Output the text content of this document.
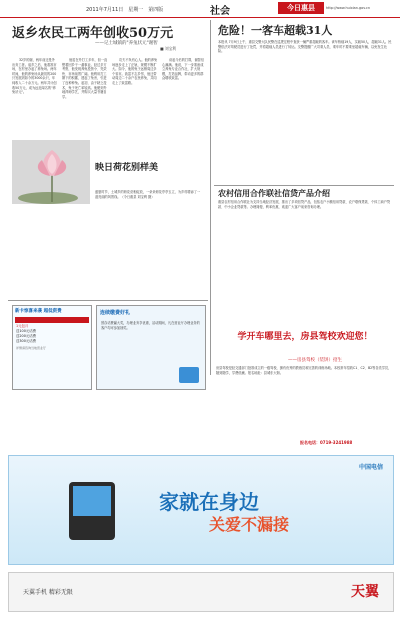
2011年7月11日　星期一　第四版	社会	今日惠县	http://www.huixian.gov.cn
返乡农民工两年创收50万元
——记土城镇的"养兔状元"谢智
■ 刘宝利

32岁的谢，两年前还是外出务工者。返乡之后，他看准市场，在村里办起了养兔场。两年时间，他的养兔场从最初的200只发展到如今的3000余只，年纯收入二十余万元。两年共计创收50万元，成为远近闻名的"养兔状元"。

他虽在外打工多年，但一直想着回乡干一番事业。经过多方考察，他发现养兔投资小、见效快、市场前景广阔。他利用打工攒下的积蓄，建起了兔舍，引进了良种种兔。起初，由于缺乏技术，兔子死亡率较高。他便到外地拜师学艺，并购买大量书籍自学。

功夫不负有心人。他的养兔场逐步走上了正轨，规模不断扩大。如今，他的兔子远销周边多个省市。致富不忘乡邻，他还带动周边二十余户农民养兔，共同走上了致富路。

谈起今后的打算，谢智信心满满。他说，下一步准备成立养兔专业合作社，扩大规模，打造品牌，带动更多的群众增收致富。

映日荷花别样美
盛夏时节，土城乡的荷花竞相绽放，一朵朵荷花亭亭玉立，为乡村增添了一道亮丽的风景线。（今日惠县 刘宝利 摄）
危险！一客车超载31人
本报讯 7月9日上午，惠县交警大队民警在巡逻过程中查获一辆严重超载的客车。该车核载19人，实载50人，超载31人。民警依法对驾驶员进行了处罚，并将超载人员进行了转运。交警提醒广大司乘人员，乘车时不要乘坐超载车辆，以免发生危险。
农村信用合作联社信贷产品介绍
惠县农村信用合作联社为支持当地经济发展，推出了多项信贷产品，包括农户小额信用贷款、农户联保贷款、个体工商户贷款、中小企业贷款等。办理简便，利率优惠，欢迎广大客户前来咨询办理。
新卡惊喜来袭 超低资费
1元包月
送100元话费
送200元话费
送300元话费
详情请咨询当地营业厅
连续缴费好礼
预存话费赢大奖，办理业务享优惠，活动期间，凡在营业厅办理业务的客户均可参加抽奖。
学开车哪里去，房县驾校欢迎您！
——房县驾校（装饼）招生
房县驾校是经交通部门批准成立的一级驾校，拥有优秀的教练员和完善的训练场地。本校常年招收C1、C2、B2等各类学员，随到随学，学费低廉。报名地址：县城东大街。
报名电话：0719-3241988
中国电信
家就在身边
关爱不漏接
天翼手机 精彩无限	天翼
